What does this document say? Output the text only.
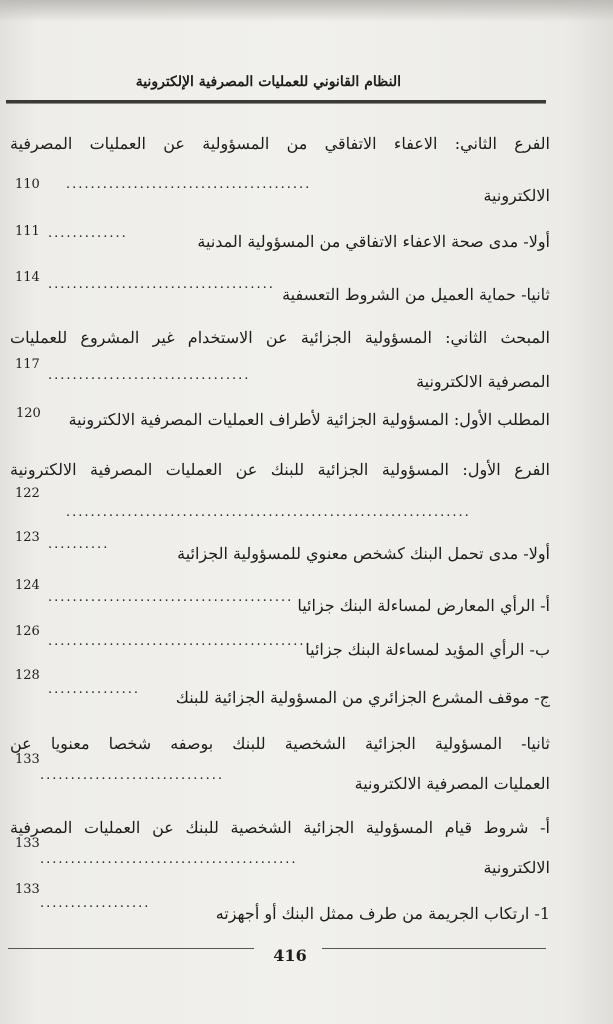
النظام القانوني للعمليات المصرفية الإلكترونية
الفرع الثاني: الاعفاء الاتفاقي من المسؤولية عن العمليات المصرفية
الالكترونية
........................................
110
أولا- مدى صحة الاعفاء الاتفاقي من المسؤولية المدنية
.............
111
ثانيا- حماية العميل من الشروط التعسفية
.....................................
114
المبحث الثاني: المسؤولية الجزائية عن الاستخدام غير المشروع للعمليات
المصرفية الالكترونية
.................................
117
المطلب الأول: المسؤولية الجزائية لأطراف العمليات المصرفية الالكترونية
120
الفرع الأول: المسؤولية الجزائية للبنك عن العمليات المصرفية الالكترونية
..................................................................
122
أولا- مدى تحمل البنك كشخص معنوي للمسؤولية الجزائية
..........
123
أ- الرأي المعارض لمساءلة البنك جزائيا
........................................
124
ب- الرأي المؤيد لمساءلة البنك جزائيا
...........................................
126
ج- موقف المشرع الجزائري من المسؤولية الجزائية للبنك
...............
128
ثانيا- المسؤولية الجزائية الشخصية للبنك بوصفه شخصا معنويا عن
العمليات المصرفية الالكترونية
..............................
133
أ- شروط قيام المسؤولية الجزائية الشخصية للبنك عن العمليات المصرفية
الالكترونية
..........................................
133
1- ارتكاب الجريمة من طرف ممثل البنك أو أجهزته
..................
133
416
